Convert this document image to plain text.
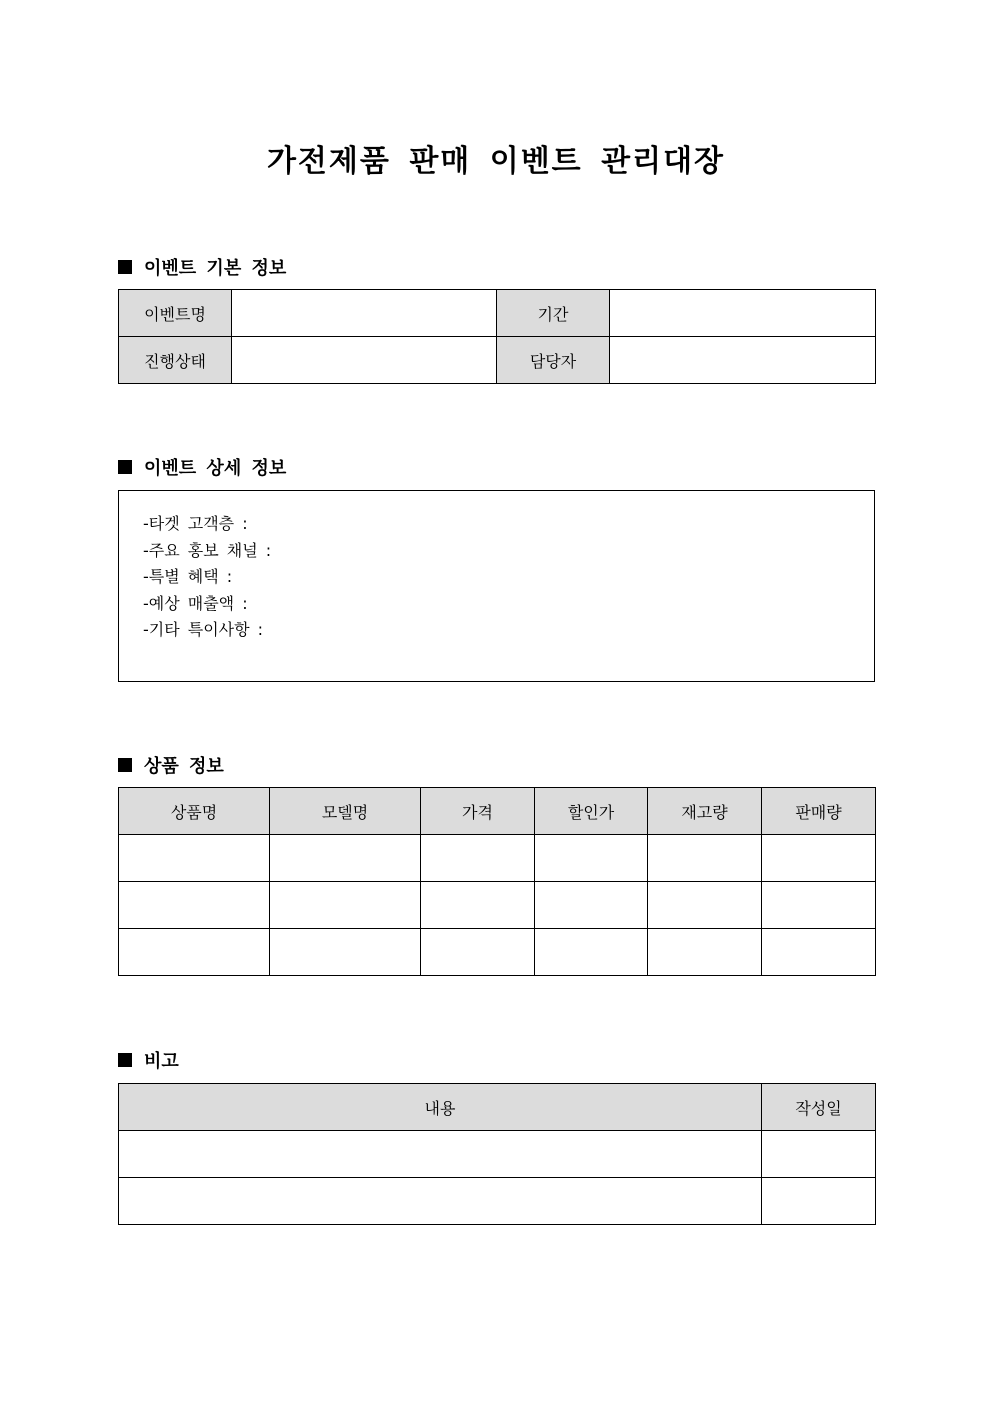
가전제품 판매 이벤트 관리대장
이벤트 기본 정보
이벤트명		기간	
진행상태		담당자	
이벤트 상세 정보
-타겟 고객층 :
-주요 홍보 채널 :
-특별 혜택 :
-예상 매출액 :
-기타 특이사항 :
상품 정보
상품명	모델명	가격	할인가	재고량	판매량

비고
내용	작성일
